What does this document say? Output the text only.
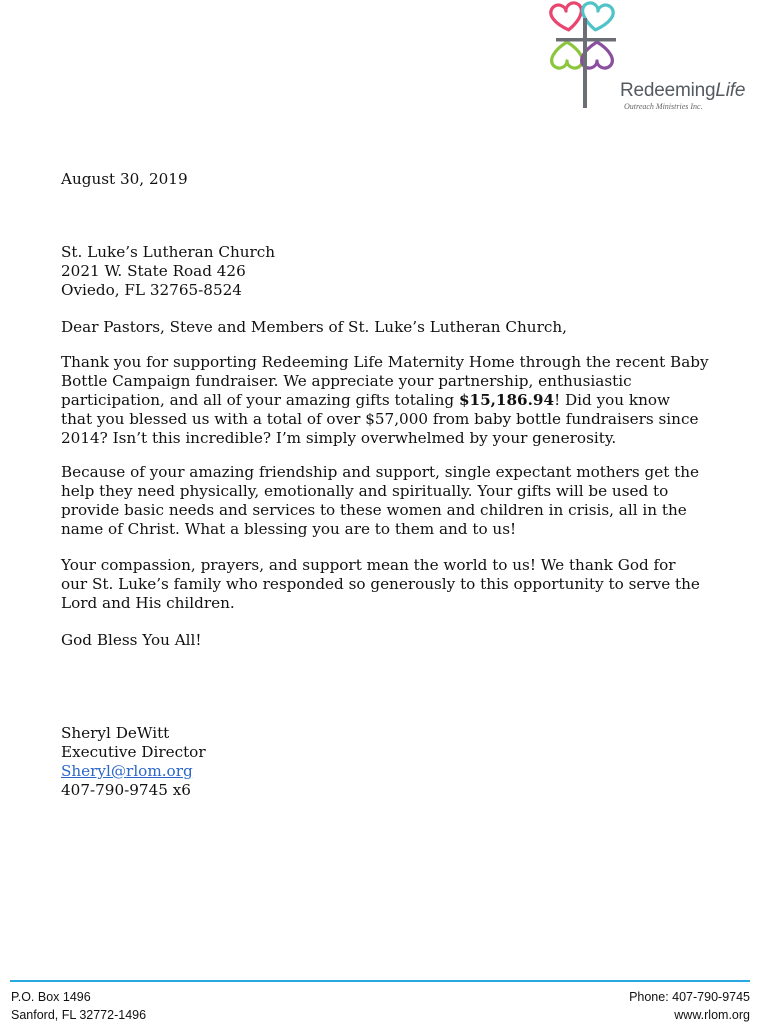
RedeemingLife
Outreach Ministries Inc.
August 30, 2019
St. Luke’s Lutheran Church
2021 W. State Road 426
Oviedo, FL 32765-8524
Dear Pastors, Steve and Members of St. Luke’s Lutheran Church,
Thank you for supporting Redeeming Life Maternity Home through the recent Baby
Bottle Campaign fundraiser. We appreciate your partnership, enthusiastic
participation, and all of your amazing gifts totaling $15,186.94! Did you know
that you blessed us with a total of over $57,000 from baby bottle fundraisers since
2014? Isn’t this incredible? I’m simply overwhelmed by your generosity.
Because of your amazing friendship and support, single expectant mothers get the
help they need physically, emotionally and spiritually. Your gifts will be used to
provide basic needs and services to these women and children in crisis, all in the
name of Christ. What a blessing you are to them and to us!
Your compassion, prayers, and support mean the world to us! We thank God for
our St. Luke’s family who responded so generously to this opportunity to serve the
Lord and His children.
God Bless You All!
Sheryl DeWitt
Executive Director
Sheryl@rlom.org
407-790-9745 x6
P.O. Box 1496
Sanford, FL 32772-1496
Phone: 407-790-9745
www.rlom.org
